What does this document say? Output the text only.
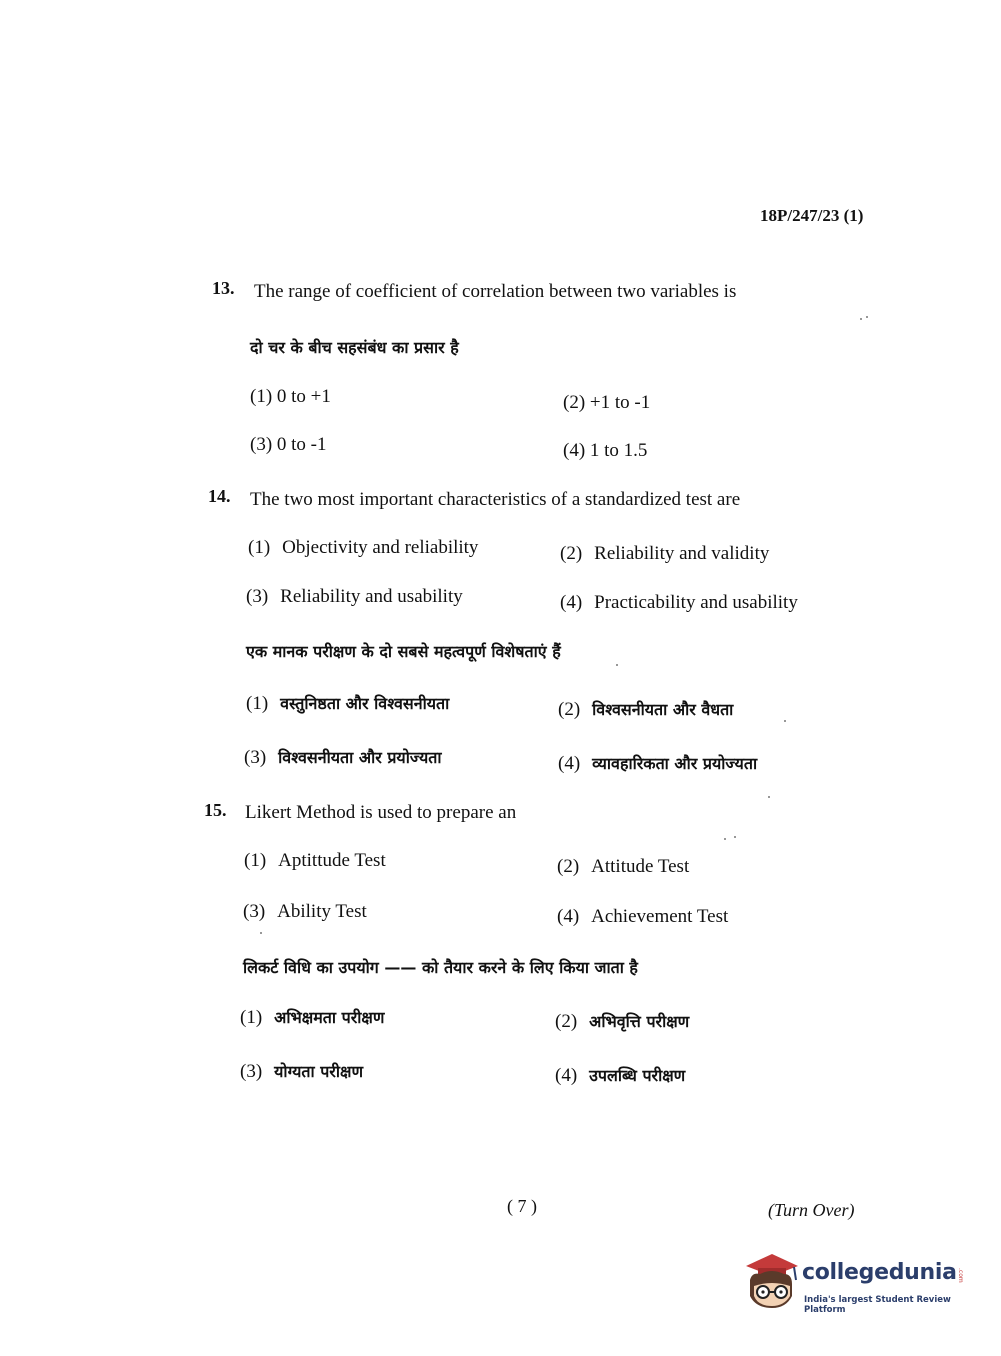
18P/247/23 (1)
13. The range of coefficient of correlation between two variables is
दो चर के बीच सहसंबंध का प्रसार है
(1) 0 to +1	(2) +1 to -1
(3) 0 to -1	(4) 1 to 1.5
14. The two most important characteristics of a standardized test are
(1) Objectivity and reliability	(2) Reliability and validity
(3) Reliability and usability	(4) Practicability and usability
एक मानक परीक्षण के दो सबसे महत्वपूर्ण विशेषताएं हैं
(1) वस्तुनिष्ठता और विश्वसनीयता	(2) विश्वसनीयता और वैधता
(3) विश्वसनीयता और प्रयोज्यता	(4) व्यावहारिकता और प्रयोज्यता
15. Likert Method is used to prepare an
(1) Aptittude Test	(2) Attitude Test
(3) Ability Test	(4) Achievement Test
लिकर्ट विधि का उपयोग —— को तैयार करने के लिए किया जाता है
(1) अभिक्षमता परीक्षण	(2) अभिवृत्ति परीक्षण
(3) योग्यता परीक्षण	(4) उपलब्धि परीक्षण
( 7 )	(Turn Over)
collegedunia .com
India's largest Student Review Platform
